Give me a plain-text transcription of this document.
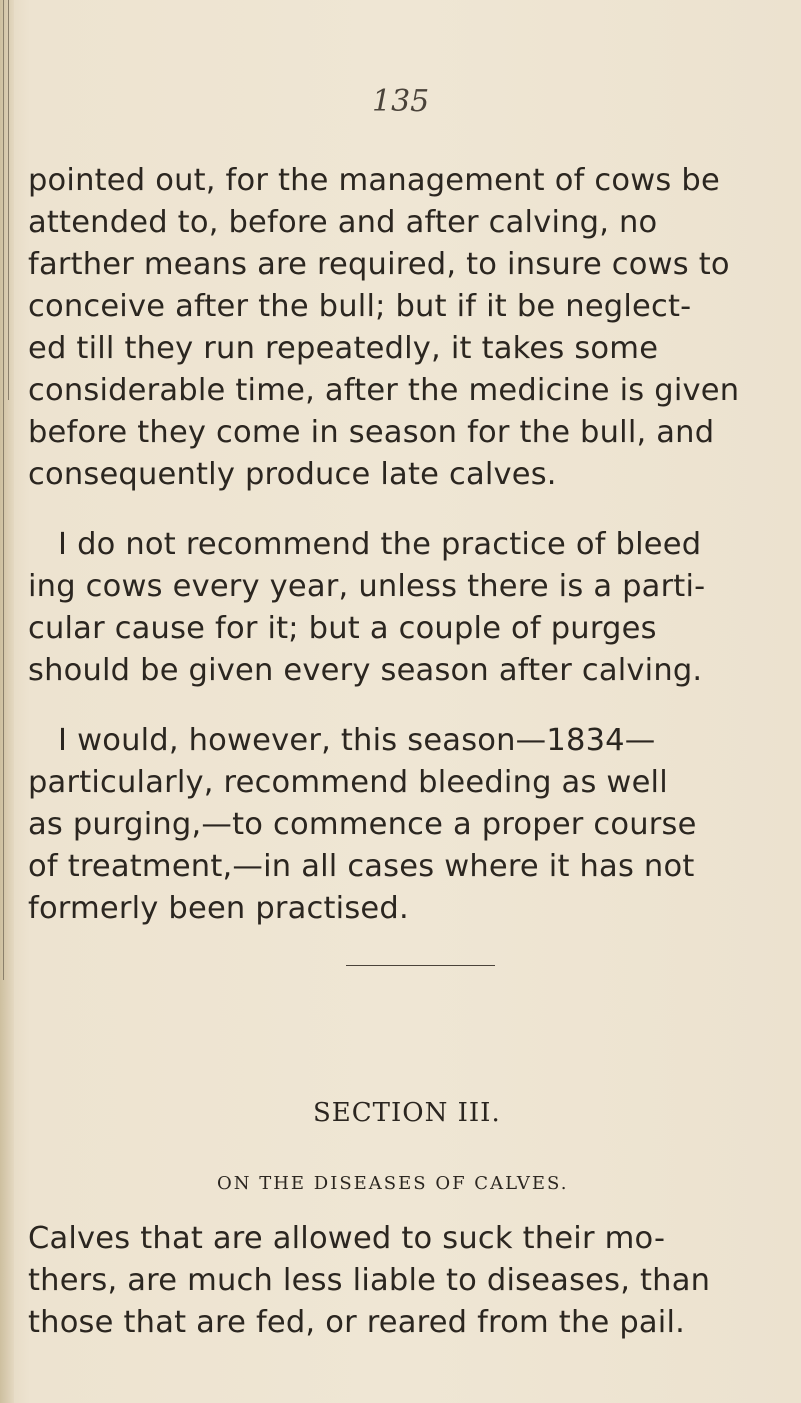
135

pointed out, for the management of cows be
attended to, before and after calving, no
farther means are required, to insure cows to
conceive after the bull; but if it be neglect-
ed till they run repeatedly, it takes some
considerable time, after the medicine is given
before they come in season for the bull, and
consequently produce late calves.
I do not recommend the practice of bleed
ing cows every year, unless there is a parti-
cular cause for it; but a couple of purges
should be given every season after calving.
I would, however, this season—1834—
particularly, recommend bleeding as well
as purging,—to commence a proper course
of treatment,—in all cases where it has not
formerly been practised.

SECTION III.

ON THE DISEASES OF CALVES.

Calves that are allowed to suck their mo-
thers, are much less liable to diseases, than
those that are fed, or reared from the pail.
